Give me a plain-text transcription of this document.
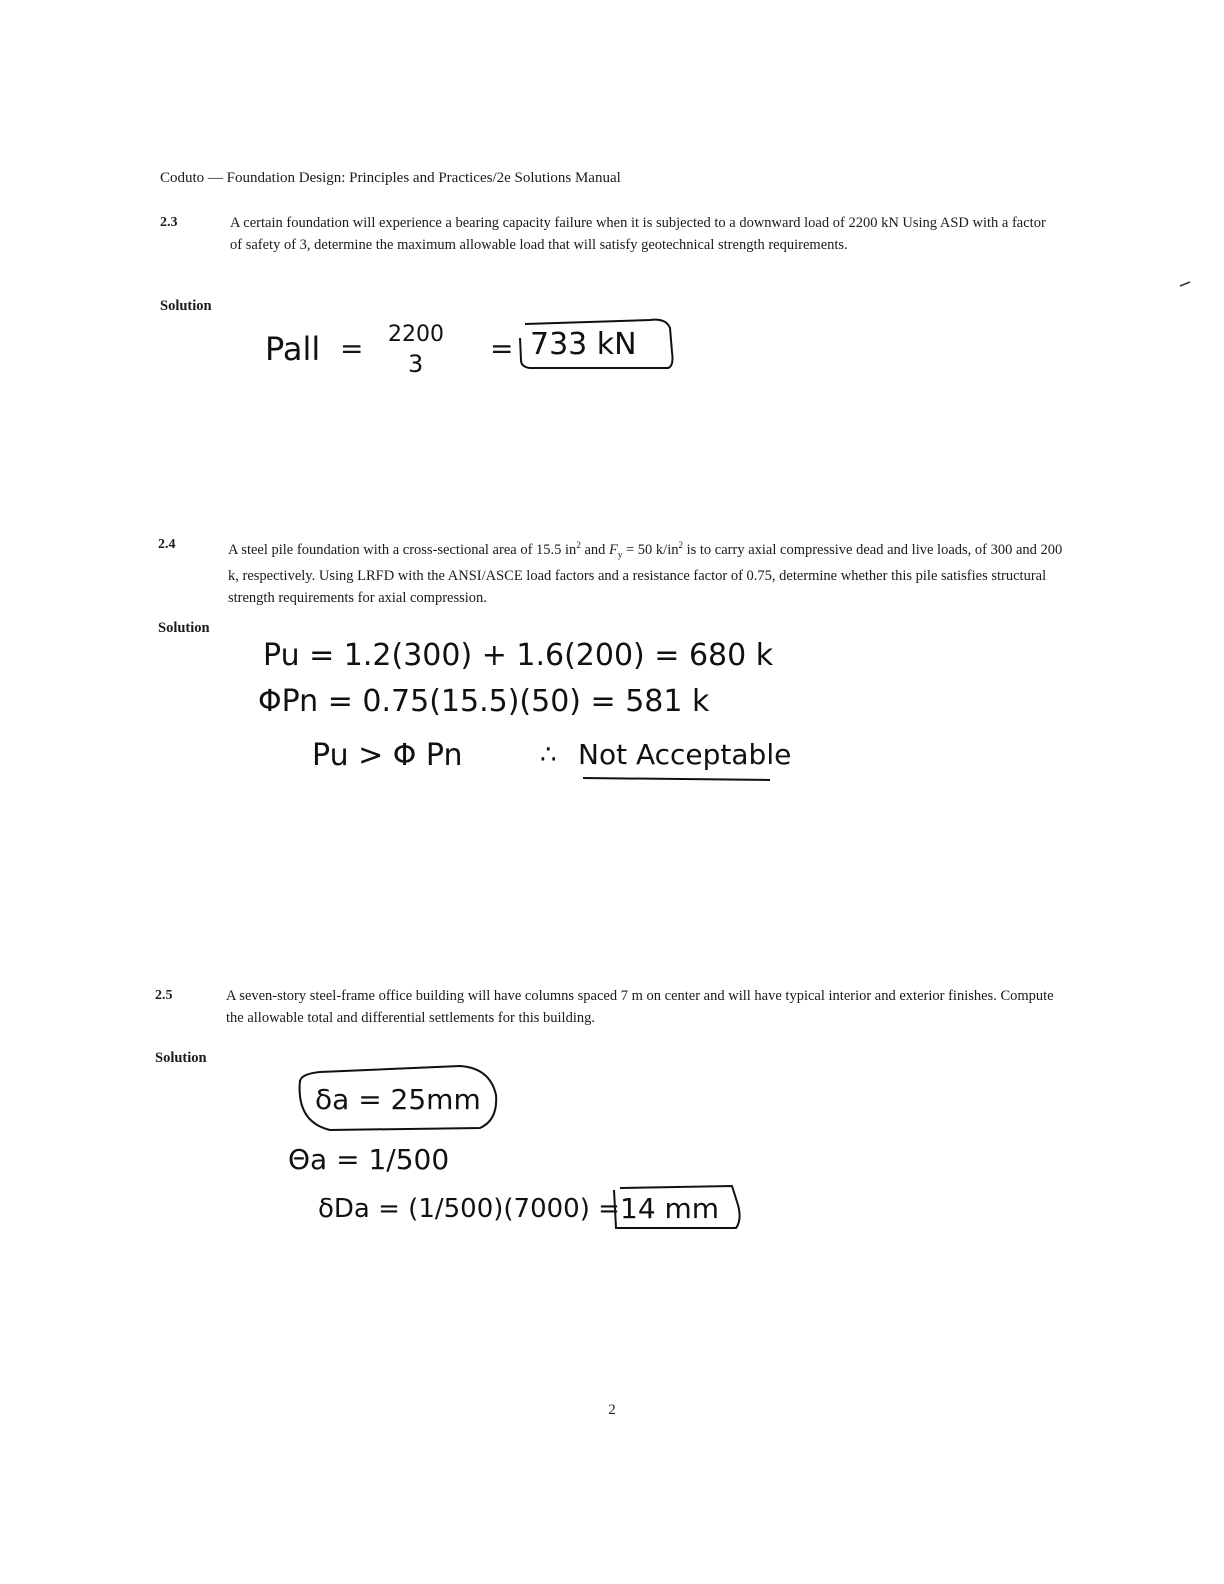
Coduto — Foundation Design: Principles and Practices/2e Solutions Manual
2.3	A certain foundation will experience a bearing capacity failure when it is subjected to a downward load of 2200 kN Using ASD with a factor of safety of 3, determine the maximum allowable load that will satisfy geotechnical strength requirements.
Solution
Pall = 2200
3 = 733 kN
2.4	A steel pile foundation with a cross-sectional area of 15.5 $in^2$ and $F_y = 50$ $k/in^2$ is to carry axial compressive dead and live loads, of 300 and 200 k, respectively. Using LRFD with the ANSI/ASCE load factors and a resistance factor of 0.75, determine whether this pile satisfies structural strength requirements for axial compression.
Solution
Pu = 1.2(300) + 1.6(200) = 680 k
ΦPn = 0.75(15.5)(50) = 581 k
Pu > Φ Pn	∴ Not Acceptable
2.5	A seven-story steel-frame office building will have columns spaced 7 m on center and will have typical interior and exterior finishes. Compute the allowable total and differential settlements for this building.
Solution
δa = 25mm
Θa = 1/500
δDa = (1/500)(7000) = 14 mm
2
